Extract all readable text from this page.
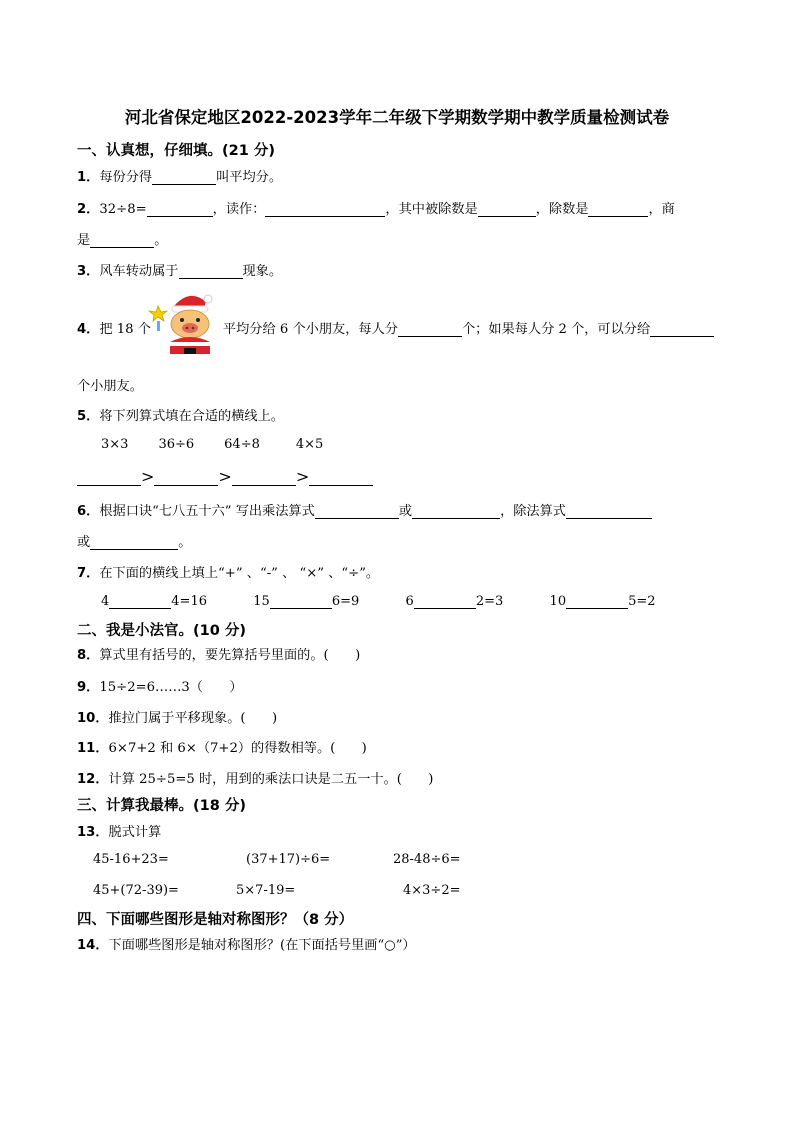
河北省保定地区2022-2023学年二年级下学期数学期中教学质量检测试卷
一、认真想，仔细填。(21 分)
1．每份分得	叫平均分。
2．32÷8=	，读作：	，其中被除数是	，除数是	，商
是	。
3．风车转动属于	现象。
4．把 18 个	平均分给 6 个小朋友，每人分	个；如果每人分 2 个，可以分给
个小朋友。
5．将下列算式填在合适的横线上。
3×3 36÷6 64÷8	4×5
>	>	>
6．根据口诀“七八五十六” 写出乘法算式	或	，除法算式
或	。
7．在下面的横线上填上“+” 、“-” 、 “×” 、“÷”。
4	4=16	15	6=9	6	2=3	10	5=2
二、我是小法官。(10 分)
8．算式里有括号的，要先算括号里面的。(　　)
9．15÷2=6……3（　　）
10．推拉门属于平移现象。(　　)
11．6×7+2 和 6×（7+2）的得数相等。(　　)
12．计算 25÷5=5 时，用到的乘法口诀是二五一十。(　　)
三、计算我最棒。(18 分)
13．脱式计算
45-16+23=	(37+17)÷6=	28-48÷6=
45+(72-39)=	5×7-19=	4×3÷2=
四、下面哪些图形是轴对称图形？（8 分）
14．下面哪些图形是轴对称图形？(在下面括号里画“○”）
